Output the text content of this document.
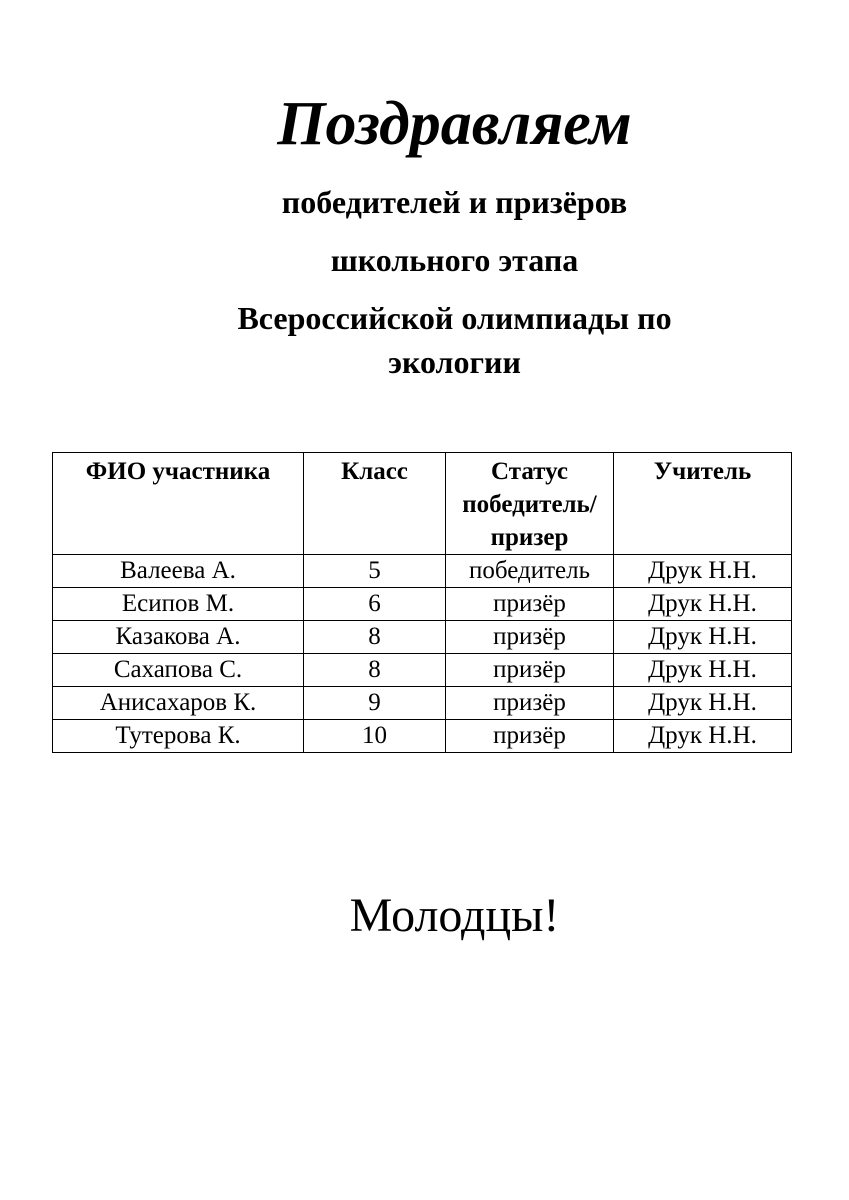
Поздравляем
победителей и призёров
школьного этапа
Всероссийской олимпиады по
экологии
ФИО участника	Класс	Статус победитель/ призер	Учитель
Валеева А.	5	победитель	Друк Н.Н.
Есипов М.	6	призёр	Друк Н.Н.
Казакова А.	8	призёр	Друк Н.Н.
Сахапова С.	8	призёр	Друк Н.Н.
Анисахаров К.	9	призёр	Друк Н.Н.
Тутерова К.	10	призёр	Друк Н.Н.
Молодцы!
